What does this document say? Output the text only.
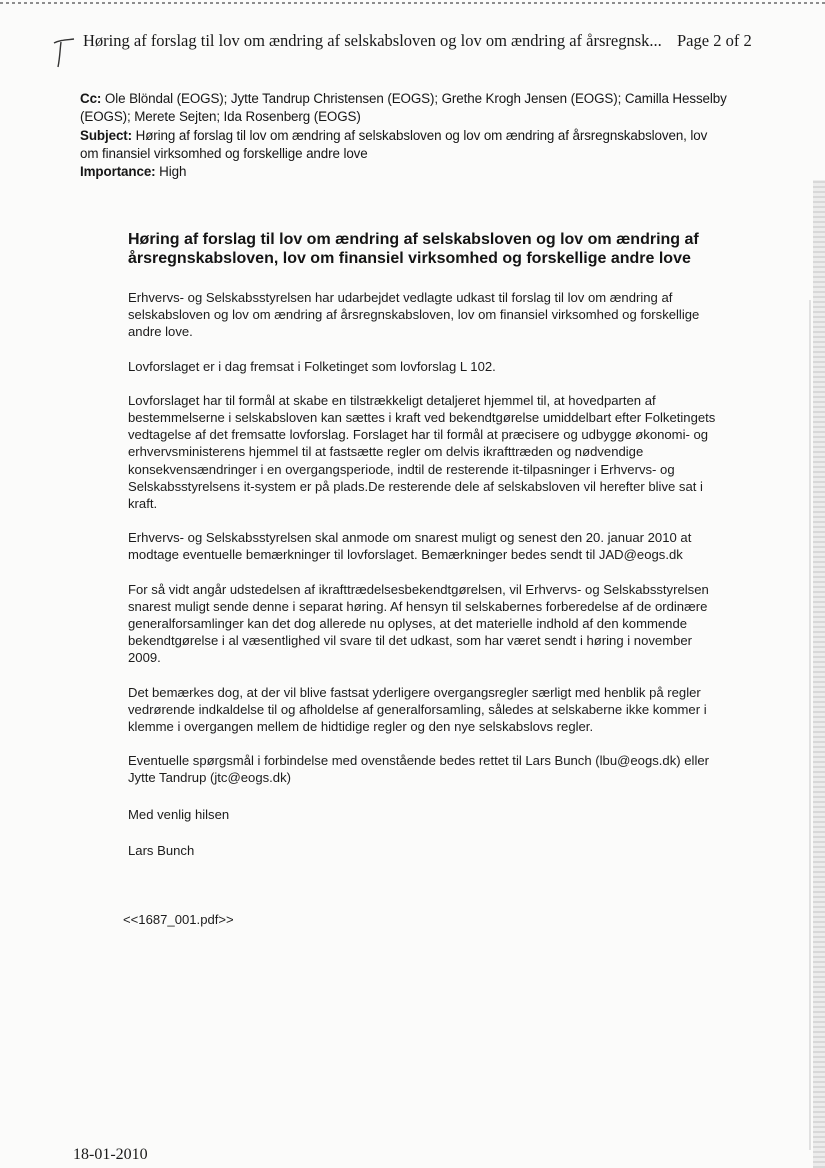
Høring af forslag til lov om ændring af selskabsloven og lov om ændring af årsregnsk... Page 2 of 2
Cc: Ole Blöndal (EOGS); Jytte Tandrup Christensen (EOGS); Grethe Krogh Jensen (EOGS); Camilla Hesselby
(EOGS); Merete Sejten; Ida Rosenberg (EOGS)
Subject: Høring af forslag til lov om ændring af selskabsloven og lov om ændring af årsregnskabsloven, lov
om finansiel virksomhed og forskellige andre love
Importance: High
Høring af forslag til lov om ændring af selskabsloven og lov om ændring af
årsregnskabsloven, lov om finansiel virksomhed og forskellige andre love
Erhvervs- og Selskabsstyrelsen har udarbejdet vedlagte udkast til forslag til lov om ændring af
selskabsloven og lov om ændring af årsregnskabsloven, lov om finansiel virksomhed og forskellige
andre love.
Lovforslaget er i dag fremsat i Folketinget som lovforslag L 102.
Lovforslaget har til formål at skabe en tilstrækkeligt detaljeret hjemmel til, at hovedparten af
bestemmelserne i selskabsloven kan sættes i kraft ved bekendtgørelse umiddelbart efter Folketingets
vedtagelse af det fremsatte lovforslag. Forslaget har til formål at præcisere og udbygge økonomi- og
erhvervsministerens hjemmel til at fastsætte regler om delvis ikrafttræden og nødvendige
konsekvensændringer i en overgangsperiode, indtil de resterende it-tilpasninger i Erhvervs- og
Selskabsstyrelsens it-system er på plads.De resterende dele af selskabsloven vil herefter blive sat i
kraft.
Erhvervs- og Selskabsstyrelsen skal anmode om snarest muligt og senest den 20. januar 2010 at
modtage eventuelle bemærkninger til lovforslaget. Bemærkninger bedes sendt til JAD@eogs.dk
For så vidt angår udstedelsen af ikrafttrædelsesbekendtgørelsen, vil Erhvervs- og Selskabsstyrelsen
snarest muligt sende denne i separat høring. Af hensyn til selskabernes forberedelse af de ordinære
generalforsamlinger kan det dog allerede nu oplyses, at det materielle indhold af den kommende
bekendtgørelse i al væsentlighed vil svare til det udkast, som har været sendt i høring i november
2009.
Det bemærkes dog, at der vil blive fastsat yderligere overgangsregler særligt med henblik på regler
vedrørende indkaldelse til og afholdelse af generalforsamling, således at selskaberne ikke kommer i
klemme i overgangen mellem de hidtidige regler og den nye selskabslovs regler.
Eventuelle spørgsmål i forbindelse med ovenstående bedes rettet til Lars Bunch (lbu@eogs.dk) eller
Jytte Tandrup (jtc@eogs.dk)
Med venlig hilsen
Lars Bunch
<<1687_001.pdf>>
18-01-2010
